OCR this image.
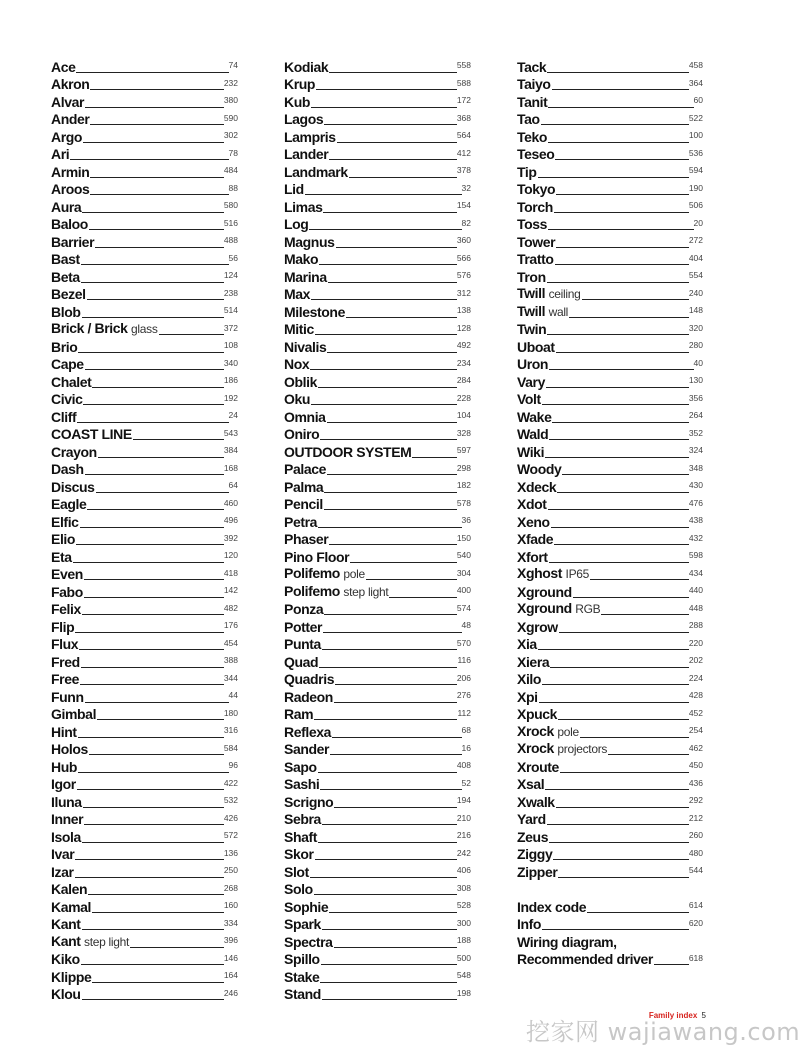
Ace	74
Akron	232
Alvar	380
Ander	590
Argo	302
Ari	78
Armin	484
Aroos	88
Aura	580
Baloo	516
Barrier	488
Bast	56
Beta	124
Bezel	238
Blob	514
Brick / Brick glass	372
Brio	108
Cape	340
Chalet	186
Civic	192
Cliff	24
COAST LINE	543
Crayon	384
Dash	168
Discus	64
Eagle	460
Elfic	496
Elio	392
Eta	120
Even	418
Fabo	142
Felix	482
Flip	176
Flux	454
Fred	388
Free	344
Funn	44
Gimbal	180
Hint	316
Holos	584
Hub	96
Igor	422
Iluna	532
Inner	426
Isola	572
Ivar	136
Izar	250
Kalen	268
Kamal	160
Kant	334
Kant step light	396
Kiko	146
Klippe	164
Klou	246
Kodiak	558
Krup	588
Kub	172
Lagos	368
Lampris	564
Lander	412
Landmark	378
Lid	32
Limas	154
Log	82
Magnus	360
Mako	566
Marina	576
Max	312
Milestone	138
Mitic	128
Nivalis	492
Nox	234
Oblik	284
Oku	228
Omnia	104
Oniro	328
OUTDOOR SYSTEM	597
Palace	298
Palma	182
Pencil	578
Petra	36
Phaser	150
Pino Floor	540
Polifemo pole	304
Polifemo step light	400
Ponza	574
Potter	48
Punta	570
Quad	116
Quadris	206
Radeon	276
Ram	112
Reflexa	68
Sander	16
Sapo	408
Sashi	52
Scrigno	194
Sebra	210
Shaft	216
Skor	242
Slot	406
Solo	308
Sophie	528
Spark	300
Spectra	188
Spillo	500
Stake	548
Stand	198
Tack	458
Taiyo	364
Tanit	60
Tao	522
Teko	100
Teseo	536
Tip	594
Tokyo	190
Torch	506
Toss	20
Tower	272
Tratto	404
Tron	554
Twill ceiling	240
Twill wall	148
Twin	320
Uboat	280
Uron	40
Vary	130
Volt	356
Wake	264
Wald	352
Wiki	324
Woody	348
Xdeck	430
Xdot	476
Xeno	438
Xfade	432
Xfort	598
Xghost IP65	434
Xground	440
Xground RGB	448
Xgrow	288
Xia	220
Xiera	202
Xilo	224
Xpi	428
Xpuck	452
Xrock pole	254
Xrock projectors	462
Xroute	450
Xsal	436
Xwalk	292
Yard	212
Zeus	260
Ziggy	480
Zipper	544
Index code	614
Info	620
Wiring diagram,
Recommended driver	618
Family index 5
挖家网 wajiawang.com
